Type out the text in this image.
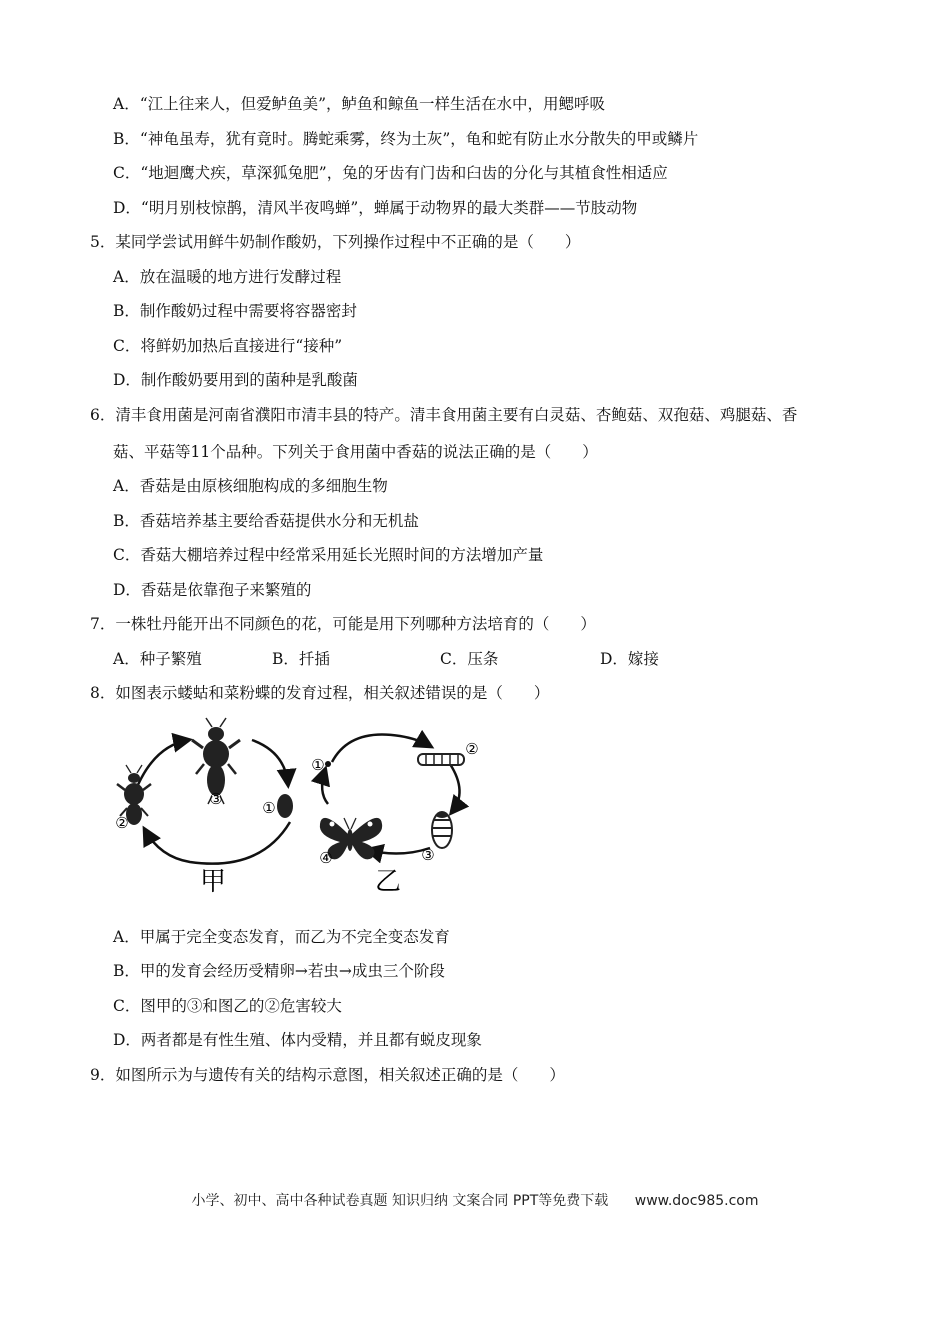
A．“江上往来人，但爱鲈鱼美”，鲈鱼和鲸鱼一样生活在水中，用鳃呼吸
B．“神龟虽寿，犹有竟时。腾蛇乘雾，终为土灰”，龟和蛇有防止水分散失的甲或鳞片
C．“地迴鹰犬疾，草深狐兔肥”，兔的牙齿有门齿和臼齿的分化与其植食性相适应
D．“明月别枝惊鹊，清风半夜鸣蝉”，蝉属于动物界的最大类群——节肢动物
5．某同学尝试用鲜牛奶制作酸奶，下列操作过程中不正确的是（　　）
A．放在温暖的地方进行发酵过程
B．制作酸奶过程中需要将容器密封
C．将鲜奶加热后直接进行“接种”
D．制作酸奶要用到的菌种是乳酸菌
6．清丰食用菌是河南省濮阳市清丰县的特产。清丰食用菌主要有白灵菇、杏鲍菇、双孢菇、鸡腿菇、香
菇、平菇等11个品种。下列关于食用菌中香菇的说法正确的是（　　）
A．香菇是由原核细胞构成的多细胞生物
B．香菇培养基主要给香菇提供水分和无机盐
C．香菇大棚培养过程中经常采用延长光照时间的方法增加产量
D．香菇是依靠孢子来繁殖的
7．一株牡丹能开出不同颜色的花，可能是用下列哪种方法培育的（　　）
A．种子繁殖	B．扦插	C．压条	D．嫁接
8．如图表示蝼蛄和菜粉蝶的发育过程，相关叙述错误的是（　　）
③
②
①
甲
①
②
③
④
乙
A．甲属于完全变态发育，而乙为不完全变态发育
B．甲的发育会经历受精卵→若虫→成虫三个阶段
C．图甲的③和图乙的②危害较大
D．两者都是有性生殖、体内受精，并且都有蜕皮现象
9．如图所示为与遗传有关的结构示意图，相关叙述正确的是（　　）
小学、初中、高中各种试卷真题 知识归纳 文案合同 PPT等免费下载 www.doc985.com
